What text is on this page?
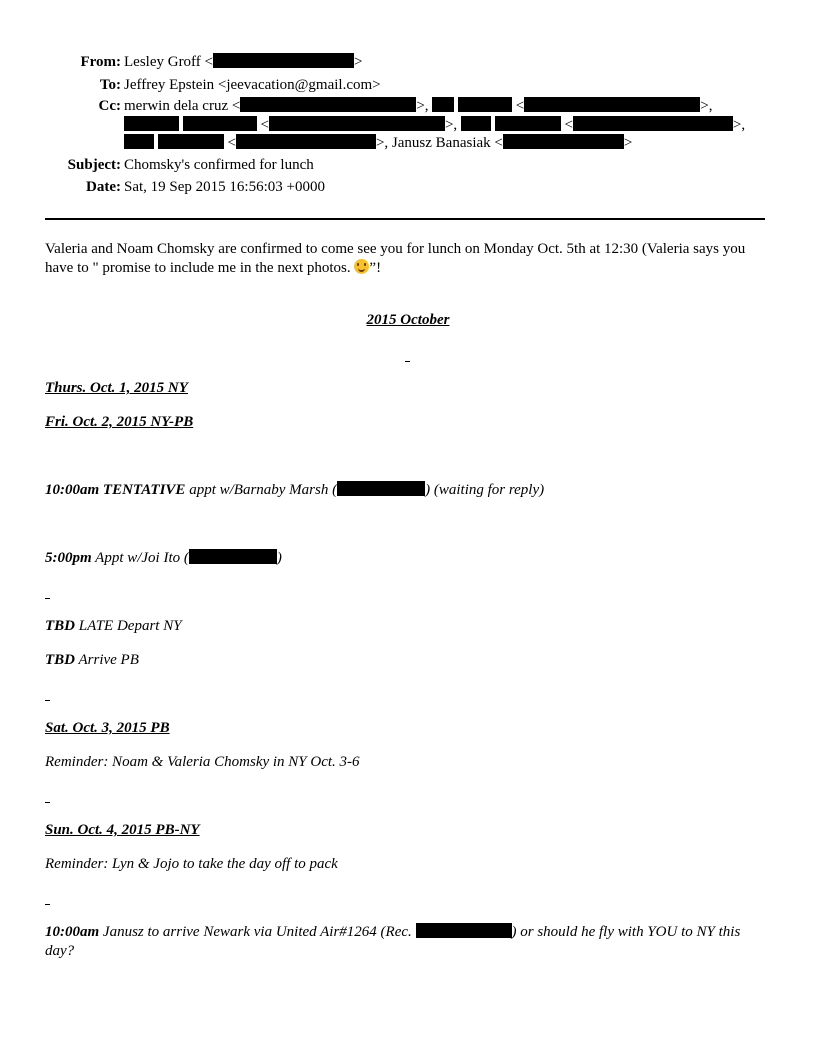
From: Lesley Groff <	>
To: Jeffrey Epstein <jeevacation@gmail.com>
Cc: merwin dela cruz <	>,	<	>,
<	>,	<	>,
<	>, Janusz Banasiak <	>
Subject: Chomsky's confirmed for lunch
Date: Sat, 19 Sep 2015 16:56:03 +0000
Valeria and Noam Chomsky are confirmed to come see you for lunch on Monday Oct. 5th at 12:30 (Valeria says you have to " promise to include me in the next photos. ”!
2015 October
Thurs. Oct. 1, 2015 NY
Fri. Oct. 2, 2015 NY-PB
10:00am TENTATIVE appt w/Barnaby Marsh (	) (waiting for reply)
5:00pm Appt w/Joi Ito (	)
TBD LATE Depart NY
TBD Arrive PB
Sat. Oct. 3, 2015 PB
Reminder: Noam & Valeria Chomsky in NY Oct. 3-6
Sun. Oct. 4, 2015 PB-NY
Reminder: Lyn & Jojo to take the day off to pack
10:00am Janusz to arrive Newark via United Air#1264 (Rec.	) or should he fly with YOU to NY this day?
